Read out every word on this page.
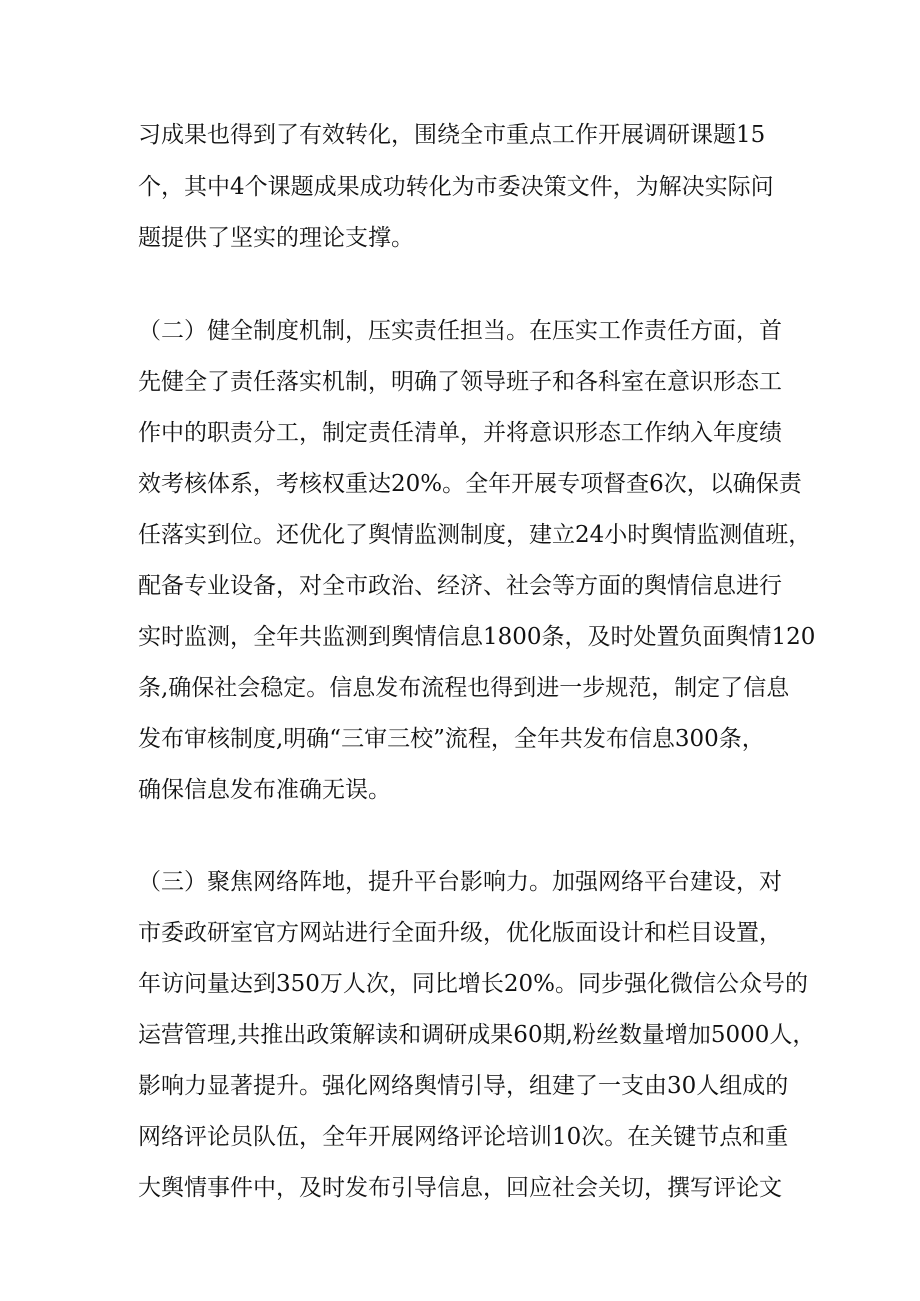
习成果也得到了有效转化，围绕全市重点工作开展调研课题15
个，其中4个课题成果成功转化为市委决策文件，为解决实际问
题提供了坚实的理论支撑。
（二）健全制度机制，压实责任担当。在压实工作责任方面，首
先健全了责任落实机制，明确了领导班子和各科室在意识形态工
作中的职责分工，制定责任清单，并将意识形态工作纳入年度绩
效考核体系，考核权重达20%。全年开展专项督查6次，以确保责
任落实到位。还优化了舆情监测制度，建立24小时舆情监测值班，
配备专业设备，对全市政治、经济、社会等方面的舆情信息进行
实时监测，全年共监测到舆情信息1800条，及时处置负面舆情120
条,确保社会稳定。信息发布流程也得到进一步规范，制定了信息
发布审核制度,明确“三审三校”流程，全年共发布信息300条，
确保信息发布准确无误。
（三）聚焦网络阵地，提升平台影响力。加强网络平台建设，对
市委政研室官方网站进行全面升级，优化版面设计和栏目设置，
年访问量达到350万人次，同比增长20%。同步强化微信公众号的
运营管理,共推出政策解读和调研成果60期,粉丝数量增加5000人，
影响力显著提升。强化网络舆情引导，组建了一支由30人组成的
网络评论员队伍，全年开展网络评论培训10次。在关键节点和重
大舆情事件中，及时发布引导信息，回应社会关切，撰写评论文
